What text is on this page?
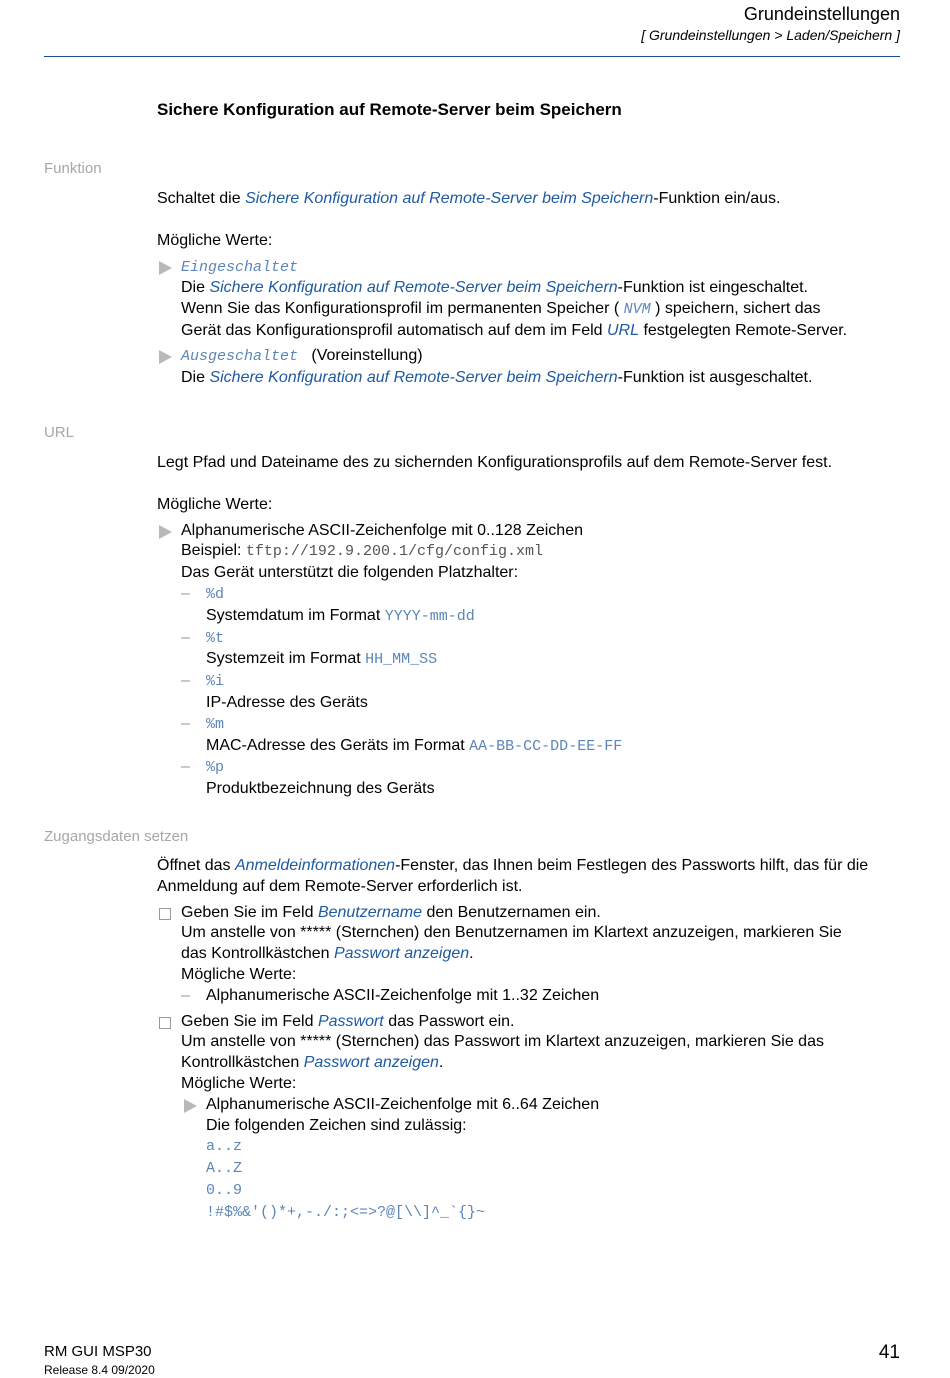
Grundeinstellungen
[ Grundeinstellungen > Laden/Speichern ]
Sichere Konfiguration auf Remote-Server beim Speichern
Funktion

Schaltet die Sichere Konfiguration auf Remote-Server beim Speichern-Funktion ein/aus.

Mögliche Werte:

Eingeschaltet

Die Sichere Konfiguration auf Remote-Server beim Speichern-Funktion ist eingeschaltet.

Wenn Sie das Konfigurationsprofil im permanenten Speicher ( NVM ) speichern, sichert das

Gerät das Konfigurationsprofil automatisch auf dem im Feld URL festgelegten Remote-Server.

Ausgeschaltet (Voreinstellung)

Die Sichere Konfiguration auf Remote-Server beim Speichern-Funktion ist ausgeschaltet.

URL

Legt Pfad und Dateiname des zu sichernden Konfigurationsprofils auf dem Remote-Server fest.

Mögliche Werte:

Alphanumerische ASCII-Zeichenfolge mit 0..128 Zeichen

Beispiel: tftp://192.9.200.1/cfg/config.xml

Das Gerät unterstützt die folgenden Platzhalter:

– %d

Systemdatum im Format YYYY-mm-dd

– %t

Systemzeit im Format HH_MM_SS

– %i

IP-Adresse des Geräts

– %m

MAC-Adresse des Geräts im Format AA-BB-CC-DD-EE-FF

– %p

Produktbezeichnung des Geräts

Zugangsdaten setzen

Öffnet das Anmeldeinformationen-Fenster, das Ihnen beim Festlegen des Passworts hilft, das für die

Anmeldung auf dem Remote-Server erforderlich ist.

Geben Sie im Feld Benutzername den Benutzernamen ein.

Um anstelle von ***** (Sternchen) den Benutzernamen im Klartext anzuzeigen, markieren Sie

das Kontrollkästchen Passwort anzeigen.

Mögliche Werte:

– Alphanumerische ASCII-Zeichenfolge mit 1..32 Zeichen

Geben Sie im Feld Passwort das Passwort ein.

Um anstelle von ***** (Sternchen) das Passwort im Klartext anzuzeigen, markieren Sie das

Kontrollkästchen Passwort anzeigen.

Mögliche Werte:

Alphanumerische ASCII-Zeichenfolge mit 6..64 Zeichen

Die folgenden Zeichen sind zulässig:

a..z

A..Z

0..9

!#$%&'()*+,-./:;<=>?@[\\]^_`{}~

RM GUI MSP30
Release 8.4 09/2020
41
